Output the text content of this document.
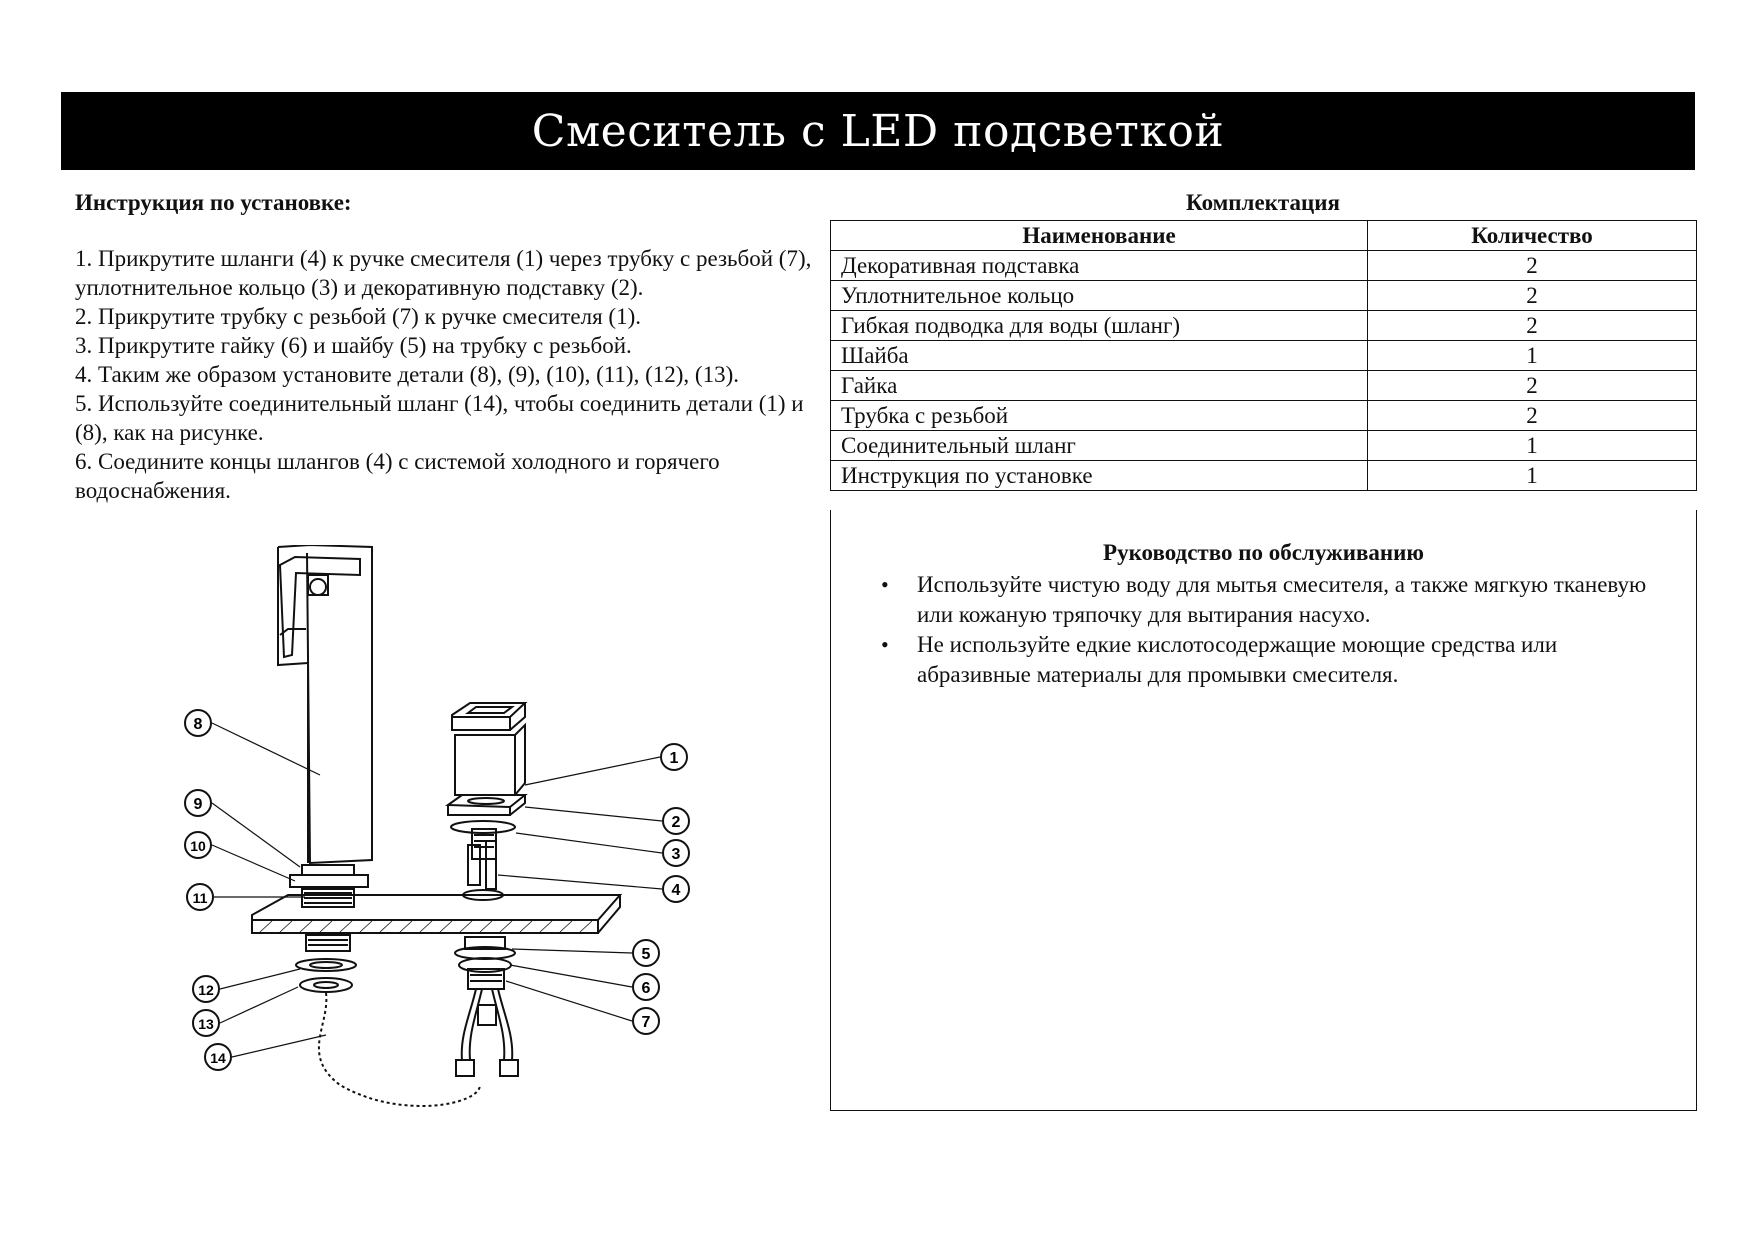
Смеситель с LED подсветкой

Инструкция по установке:

1. Прикрутите шланги (4) к ручке смесителя (1) через трубку с резьбой (7), уплотнительное кольцо (3) и декоративную подставку (2).
2. Прикрутите трубку с резьбой (7) к ручке смесителя (1).
3. Прикрутите гайку (6) и шайбу (5) на трубку с резьбой.
4. Таким же образом установите детали (8), (9), (10), (11), (12), (13).
5. Используйте соединительный шланг (14), чтобы соединить детали (1) и (8), как на рисунке.
6. Соедините концы шлангов (4) с системой холодного и горячего водоснабжения.
8
9
10
11
12
13
14
1
2
3
4
5
6
7
Комплектация
Наименование	Количество
Декоративная подставка	2
Уплотнительное кольцо	2
Гибкая подводка для воды (шланг)	2
Шайба	1
Гайка	2
Трубка с резьбой	2
Соединительный шланг	1
Инструкция по установке	1

Руководство по обслуживанию

• Используйте чистую воду для мытья смесителя, а также мягкую тканевую или кожаную тряпочку для вытирания насухо.
• Не используйте едкие кислотосодержащие моющие средства или абразивные материалы для промывки смесителя.
